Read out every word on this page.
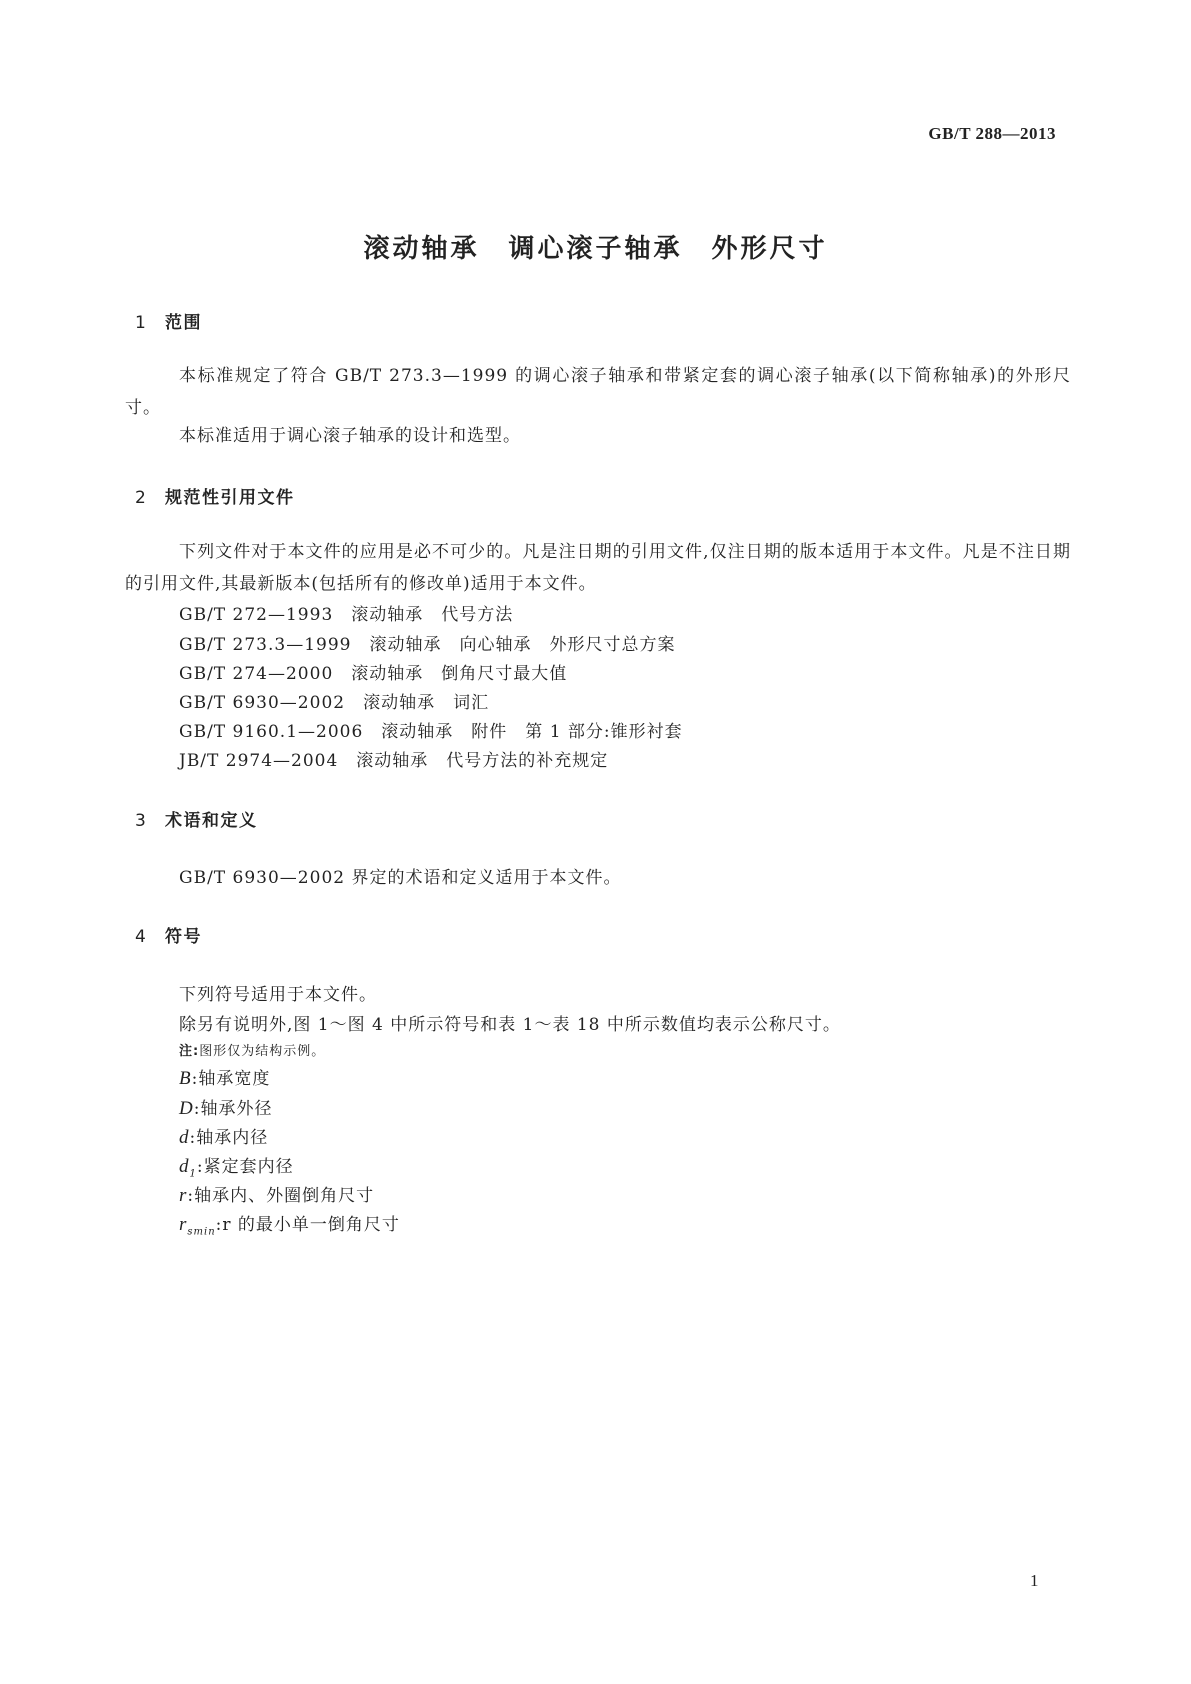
GB/T 288—2013
滚动轴承　调心滚子轴承　外形尺寸
1 范围
本标准规定了符合 GB/T 273.3—1999 的调心滚子轴承和带紧定套的调心滚子轴承(以下简称轴承)的外形尺寸。
本标准适用于调心滚子轴承的设计和选型。
2 规范性引用文件
下列文件对于本文件的应用是必不可少的。凡是注日期的引用文件,仅注日期的版本适用于本文件。凡是不注日期的引用文件,其最新版本(包括所有的修改单)适用于本文件。
GB/T 272—1993　滚动轴承　代号方法
GB/T 273.3—1999　滚动轴承　向心轴承　外形尺寸总方案
GB/T 274—2000　滚动轴承　倒角尺寸最大值
GB/T 6930—2002　滚动轴承　词汇
GB/T 9160.1—2006　滚动轴承　附件　第 1 部分:锥形衬套
JB/T 2974—2004　滚动轴承　代号方法的补充规定
3 术语和定义
GB/T 6930—2002 界定的术语和定义适用于本文件。
4 符号
下列符号适用于本文件。
除另有说明外,图 1～图 4 中所示符号和表 1～表 18 中所示数值均表示公称尺寸。
注:图形仅为结构示例。
B:轴承宽度
D:轴承外径
d:轴承内径
$d_1$:紧定套内径
r:轴承内、外圈倒角尺寸
$r_{smin}:r$ 的最小单一倒角尺寸
1
